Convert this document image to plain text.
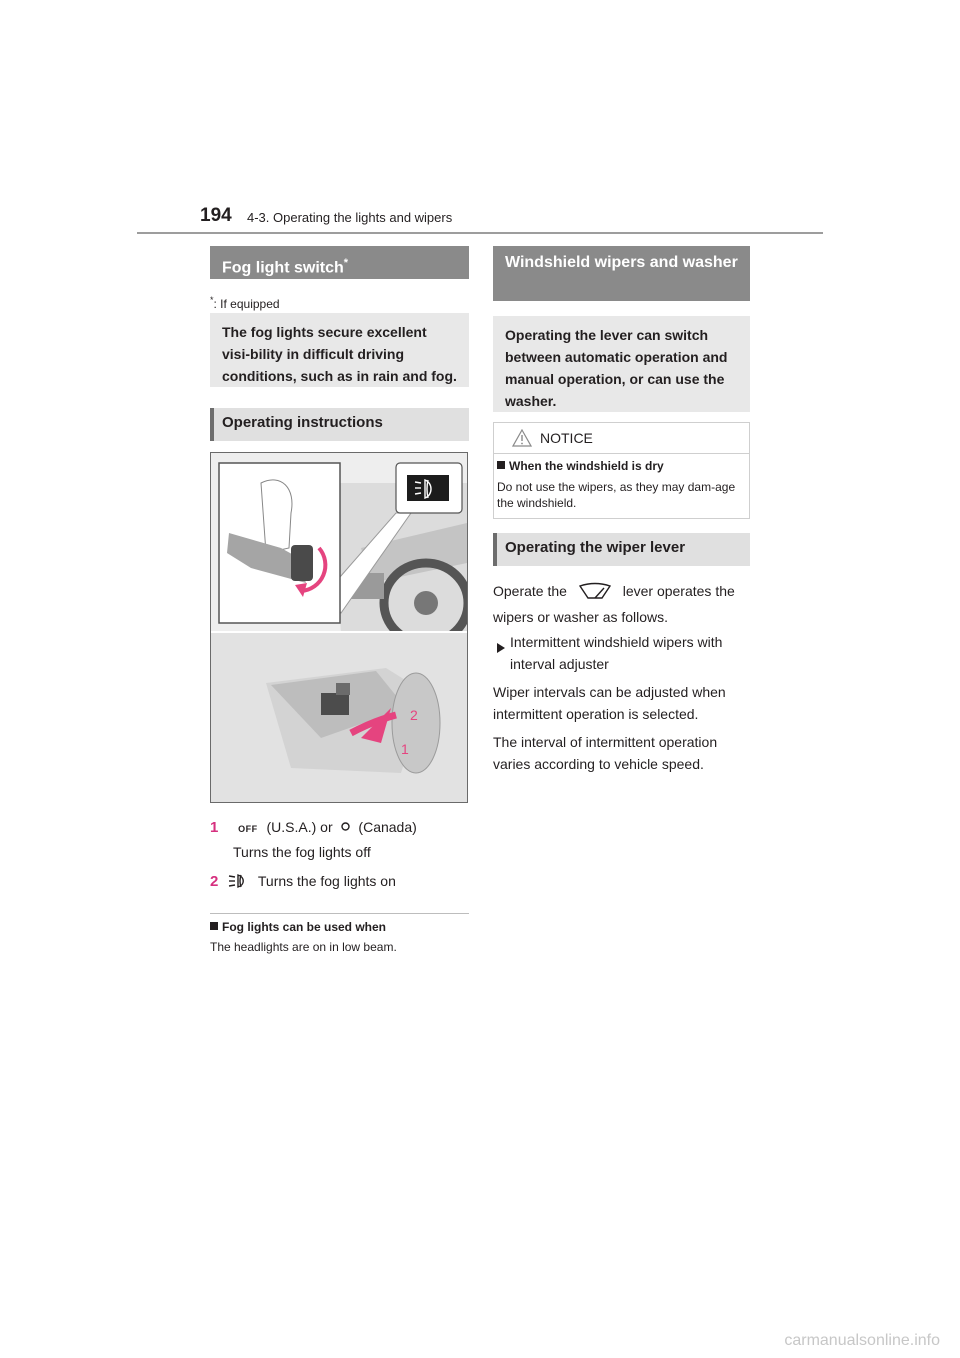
194 4-3. Operating the lights and wipers
Fog light switch*
*: If equipped
The fog lights secure excellent visi-bility in difficult driving conditions, such as in rain and fog.
Operating instructions
2
1
1 OFF (U.S.A.) or (Canada)
Turns the fog lights off
2	Turns the fog lights on
Fog lights can be used when
The headlights are on in low beam.
Windshield wipers and washer
Operating the lever can switch between automatic operation and manual operation, or can use the washer.
NOTICE
When the windshield is dry
Do not use the wipers, as they may dam-age the windshield.
Operating the wiper lever
Operate the	lever operates the wipers or washer as follows.
Intermittent windshield wipers with interval adjuster
Wiper intervals can be adjusted when intermittent operation is selected.
The interval of intermittent operation varies according to vehicle speed.
carmanualsonline.info
